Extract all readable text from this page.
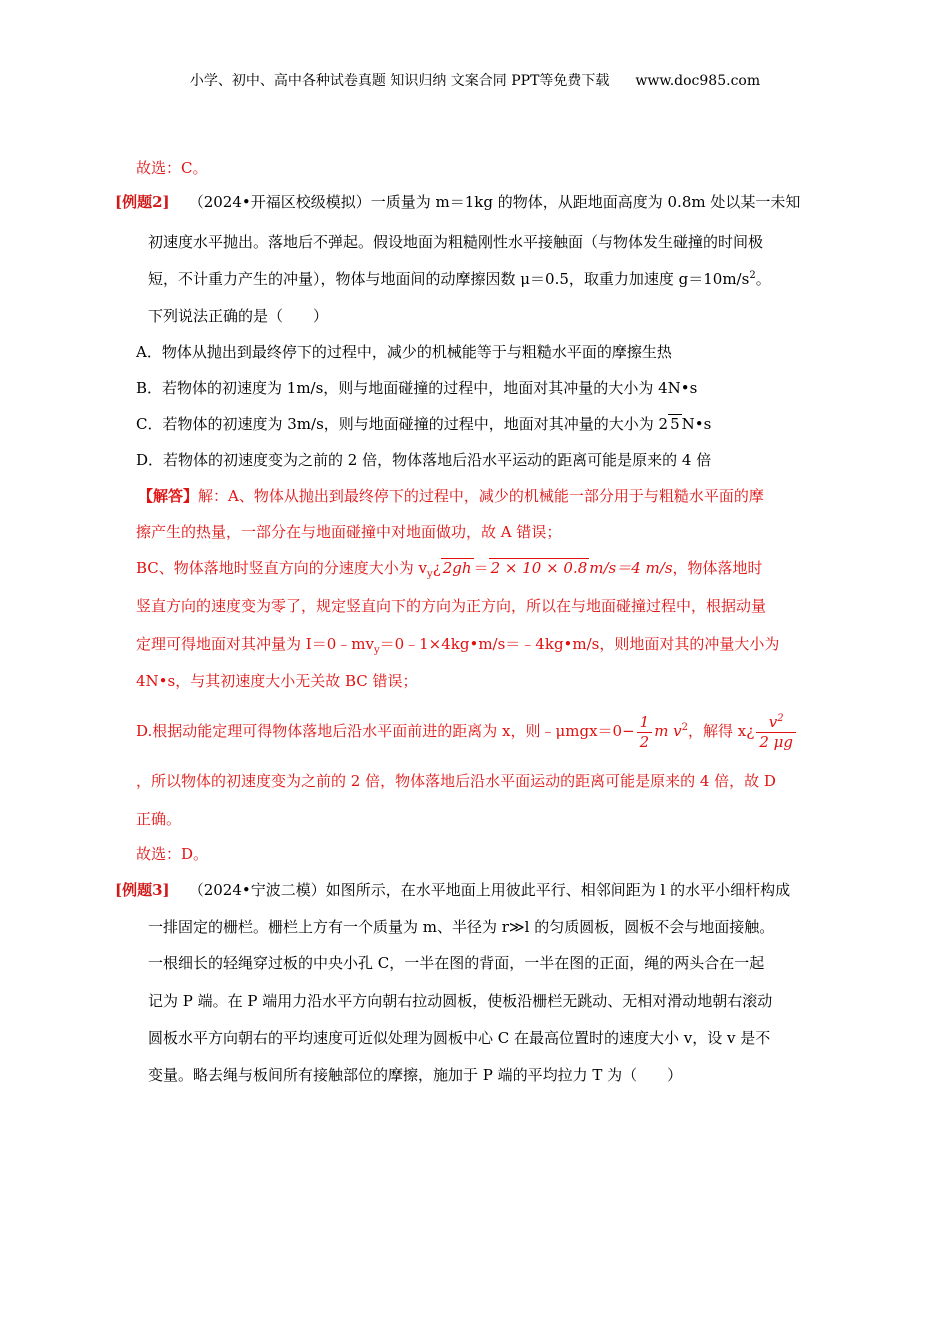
小学、初中、高中各种试卷真题 知识归纳 文案合同 PPT等免费下载 www.doc985.com
故选：C。
[例题2] （2024•开福区校级模拟）一质量为 m＝1kg 的物体，从距地面高度为 0.8m 处以某一未知
初速度水平抛出。落地后不弹起。假设地面为粗糙刚性水平接触面（与物体发生碰撞的时间极
短，不计重力产生的冲量），物体与地面间的动摩擦因数 μ＝0.5，取重力加速度 $g=10m/s^2$。
下列说法正确的是（　　）
A．物体从抛出到最终停下的过程中，减少的机械能等于与粗糙水平面的摩擦生热
B．若物体的初速度为 1m/s，则与地面碰撞的过程中，地面对其冲量的大小为 4N•s
C．若物体的初速度为 3m/s，则与地面碰撞的过程中，地面对其冲量的大小为 2 5 N•s
D．若物体的初速度变为之前的 2 倍，物体落地后沿水平运动的距离可能是原来的 4 倍
【解答】解：A、物体从抛出到最终停下的过程中，减少的机械能一部分用于与粗糙水平面的摩
擦产生的热量，一部分在与地面碰撞中对地面做功，故 A 错误；
BC、物体落地时竖直方向的分速度大小为 $v_y¿$ 2gh ＝ 2 × 10 × 0.8 m/s＝4 m/s，物体落地时
竖直方向的速度变为零了，规定竖直向下的方向为正方向，所以在与地面碰撞过程中，根据动量
定理可得地面对其冲量为 $I=0﹣mv_y=0﹣1\times 4kg•m/s=﹣4kg•m/s$，则地面对其的冲量大小为
4N•s，与其初速度大小无关故 BC 错误；
D.根据动能定理可得物体落地后沿水平面前进的距离为 x，则﹣μmgx＝0− $\frac{1}{2}$ m $v^2$，解得 x¿ $\frac{v^2}{2 \mu g}$
，所以物体的初速度变为之前的 2 倍，物体落地后沿水平面运动的距离可能是原来的 4 倍，故 D
正确。
故选：D。
[例题3] （2024•宁波二模）如图所示，在水平地面上用彼此平行、相邻间距为 l 的水平小细杆构成
一排固定的栅栏。栅栏上方有一个质量为 m、半径为 r≫l 的匀质圆板，圆板不会与地面接触。
一根细长的轻绳穿过板的中央小孔 C，一半在图的背面，一半在图的正面，绳的两头合在一起
记为 P 端。在 P 端用力沿水平方向朝右拉动圆板，使板沿栅栏无跳动、无相对滑动地朝右滚动
圆板水平方向朝右的平均速度可近似处理为圆板中心 C 在最高位置时的速度大小 v，设 v 是不
变量。略去绳与板间所有接触部位的摩擦，施加于 P 端的平均拉力 T 为（　　）
